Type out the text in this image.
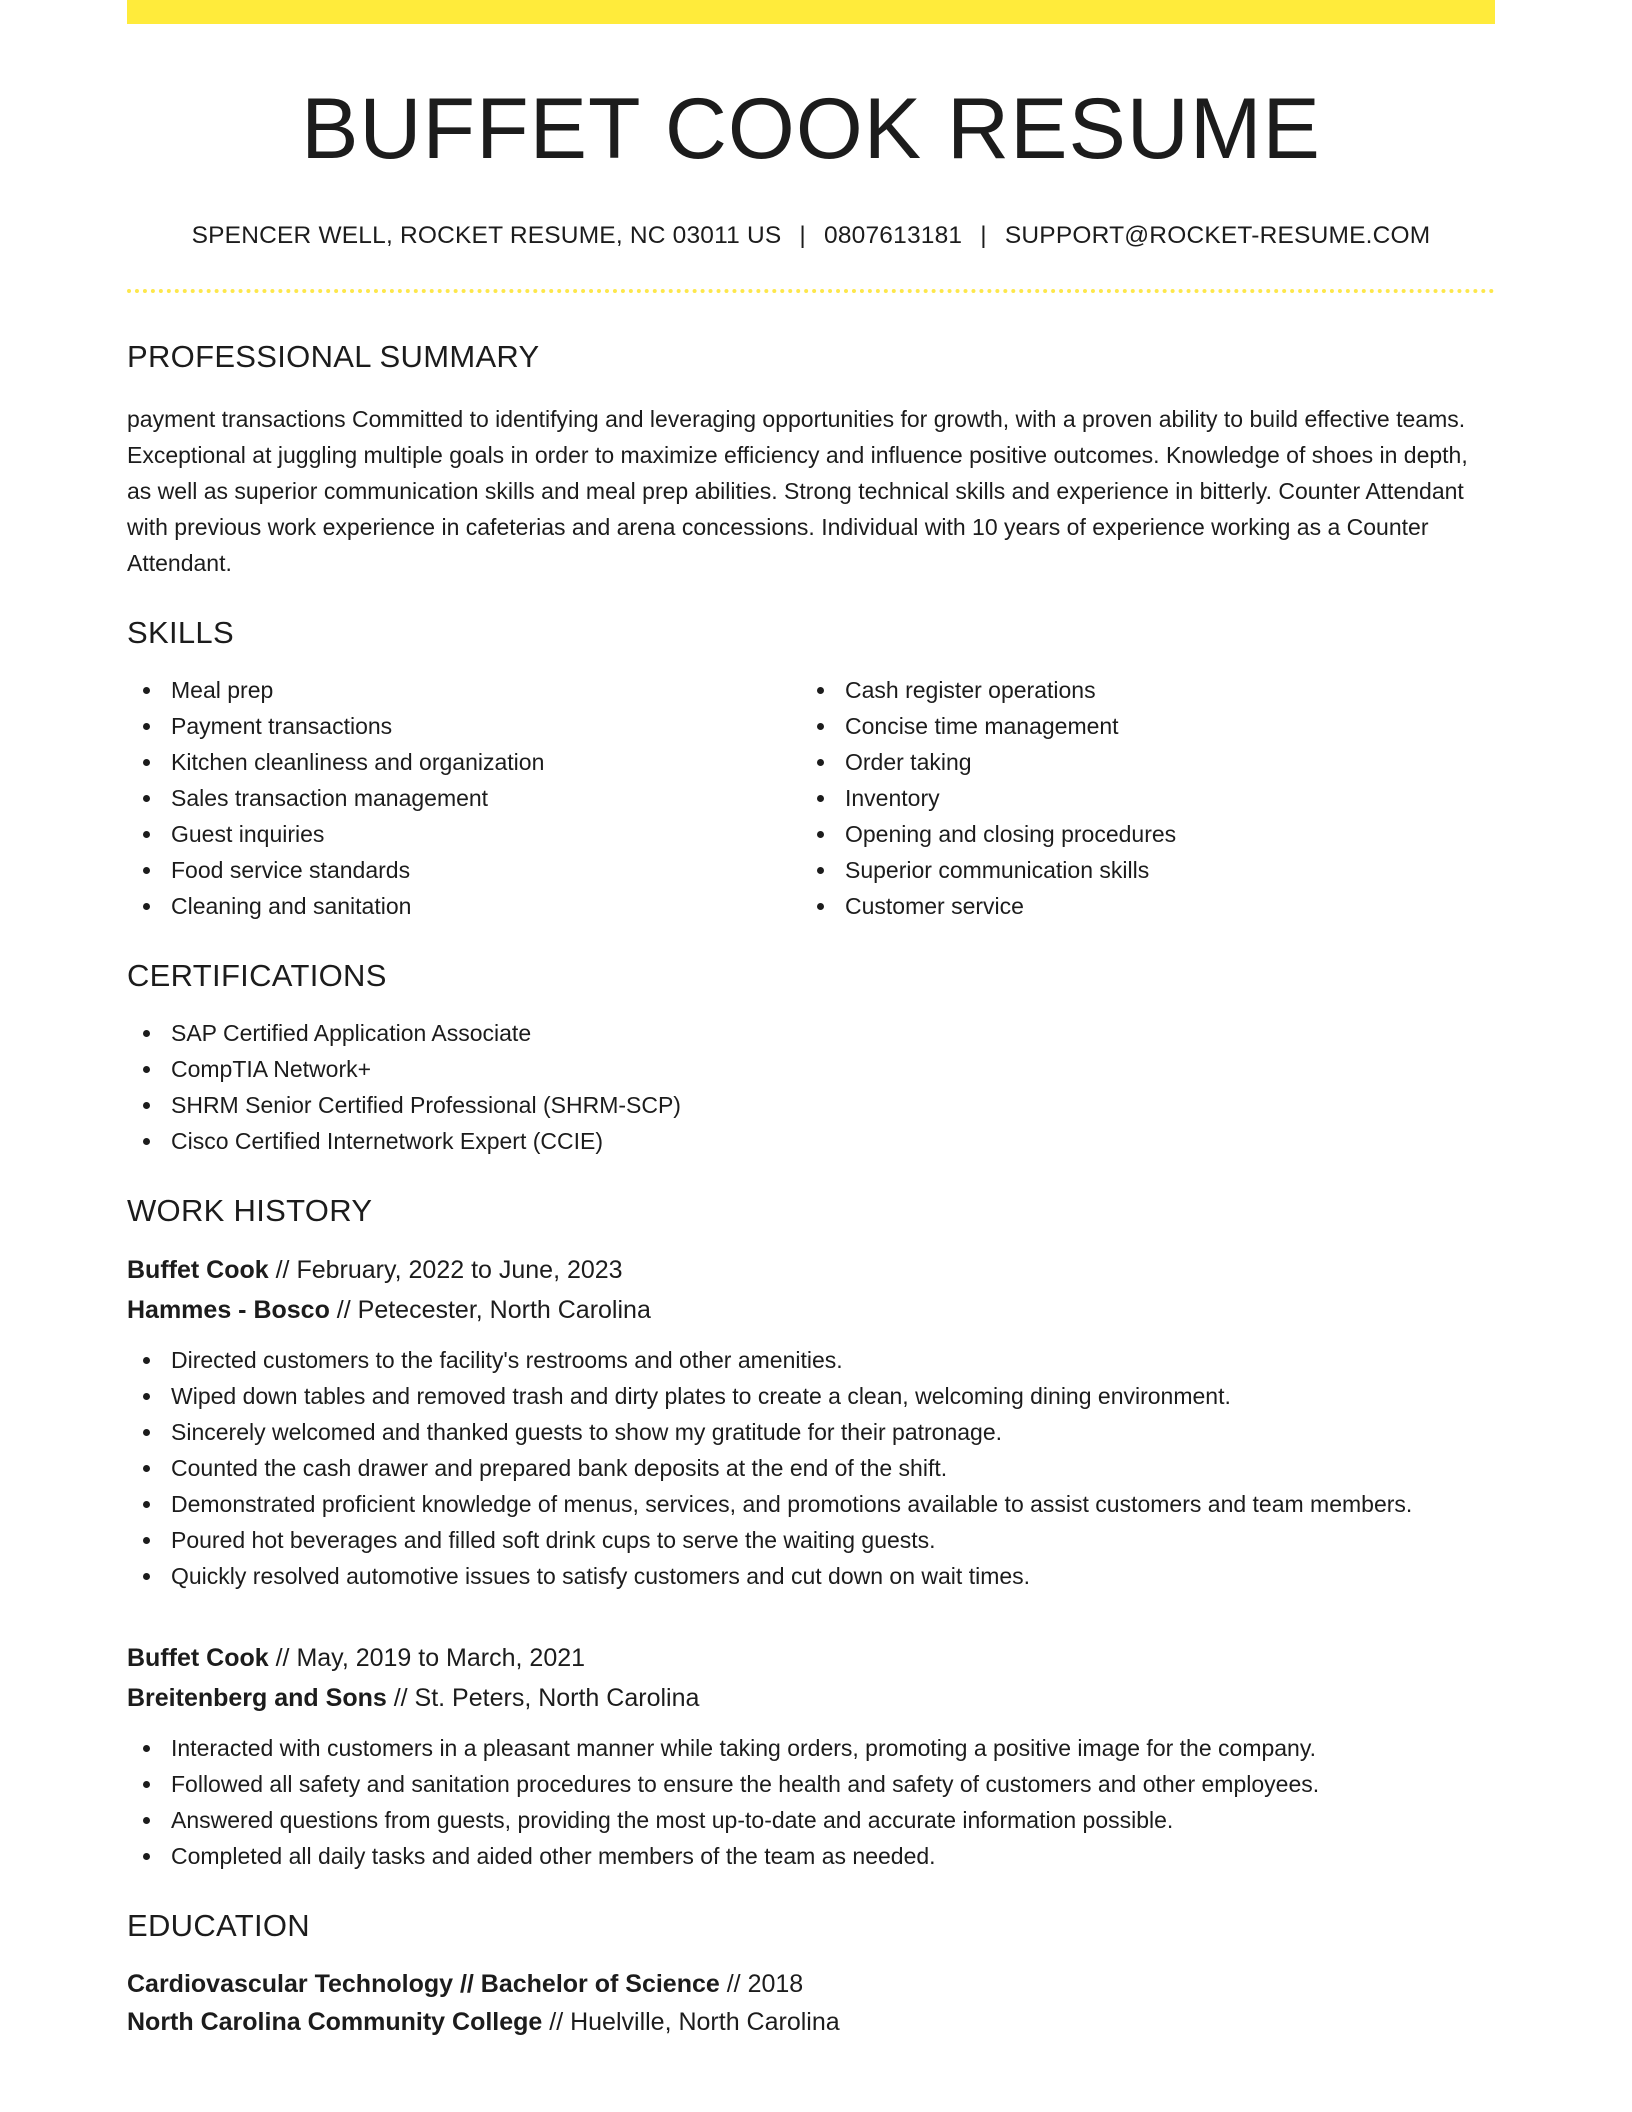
BUFFET COOK RESUME
SPENCER WELL, ROCKET RESUME, NC 03011 US | 0807613181 | SUPPORT@ROCKET-RESUME.COM
PROFESSIONAL SUMMARY

payment transactions Committed to identifying and leveraging opportunities for growth, with a proven ability to build effective teams. Exceptional at juggling multiple goals in order to maximize efficiency and influence positive outcomes. Knowledge of shoes in depth, as well as superior communication skills and meal prep abilities. Strong technical skills and experience in bitterly. Counter Attendant with previous work experience in cafeterias and arena concessions. Individual with 10 years of experience working as a Counter Attendant.

SKILLS
Meal prep
Payment transactions
Kitchen cleanliness and organization
Sales transaction management
Guest inquiries
Food service standards
Cleaning and sanitation
Cash register operations
Concise time management
Order taking
Inventory
Opening and closing procedures
Superior communication skills
Customer service
CERTIFICATIONS
SAP Certified Application Associate
CompTIA Network+
SHRM Senior Certified Professional (SHRM-SCP)
Cisco Certified Internetwork Expert (CCIE)
WORK HISTORY
Buffet Cook // February, 2022 to June, 2023
Hammes - Bosco // Petecester, North Carolina
Directed customers to the facility's restrooms and other amenities.
Wiped down tables and removed trash and dirty plates to create a clean, welcoming dining environment.
Sincerely welcomed and thanked guests to show my gratitude for their patronage.
Counted the cash drawer and prepared bank deposits at the end of the shift.
Demonstrated proficient knowledge of menus, services, and promotions available to assist customers and team members.
Poured hot beverages and filled soft drink cups to serve the waiting guests.
Quickly resolved automotive issues to satisfy customers and cut down on wait times.
Buffet Cook // May, 2019 to March, 2021
Breitenberg and Sons // St. Peters, North Carolina
Interacted with customers in a pleasant manner while taking orders, promoting a positive image for the company.
Followed all safety and sanitation procedures to ensure the health and safety of customers and other employees.
Answered questions from guests, providing the most up-to-date and accurate information possible.
Completed all daily tasks and aided other members of the team as needed.
EDUCATION
Cardiovascular Technology // Bachelor of Science // 2018
North Carolina Community College // Huelville, North Carolina
